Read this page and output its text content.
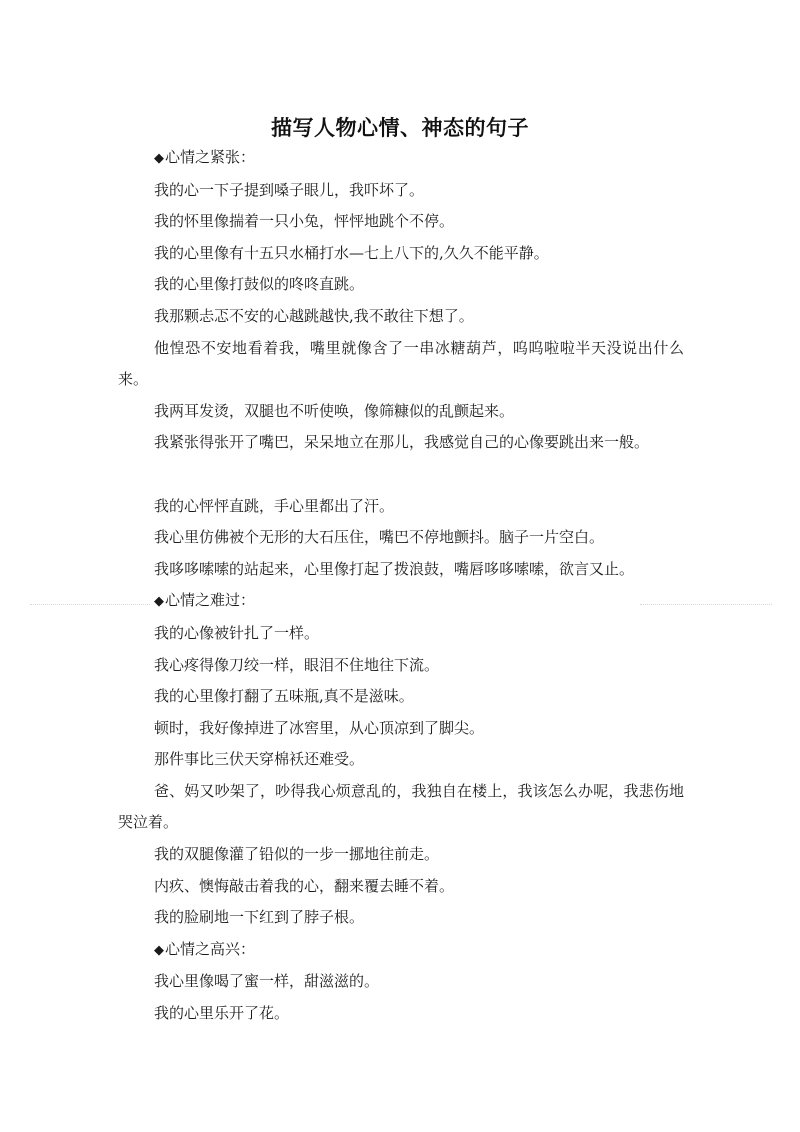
描写人物心情、神态的句子

◆心情之紧张：

我的心一下子提到嗓子眼儿，我吓坏了。

我的怀里像揣着一只小兔，怦怦地跳个不停。

我的心里像有十五只水桶打水—七上八下的,久久不能平静。

我的心里像打鼓似的咚咚直跳。

我那颗忐忑不安的心越跳越快,我不敢往下想了。

他惶恐不安地看着我，嘴里就像含了一串冰糖葫芦，呜呜啦啦半天没说出什么来。

我两耳发烫，双腿也不听使唤，像筛糠似的乱颤起来。

我紧张得张开了嘴巴，呆呆地立在那儿，我感觉自己的心像要跳出来一般。

我的心怦怦直跳，手心里都出了汗。

我心里仿佛被个无形的大石压住，嘴巴不停地颤抖。脑子一片空白。

我哆哆嗦嗦的站起来，心里像打起了拨浪鼓，嘴唇哆哆嗦嗦，欲言又止。

◆心情之难过：

我的心像被针扎了一样。

我心疼得像刀绞一样，眼泪不住地往下流。

我的心里像打翻了五味瓶,真不是滋味。

顿时，我好像掉进了冰窖里，从心顶凉到了脚尖。

那件事比三伏天穿棉袄还难受。

爸、妈又吵架了，吵得我心烦意乱的，我独自在楼上，我该怎么办呢，我悲伤地哭泣着。

我的双腿像灌了铅似的一步一挪地往前走。

内疚、懊悔敲击着我的心，翻来覆去睡不着。

我的脸刷地一下红到了脖子根。

◆心情之高兴：

我心里像喝了蜜一样，甜滋滋的。

我的心里乐开了花。
